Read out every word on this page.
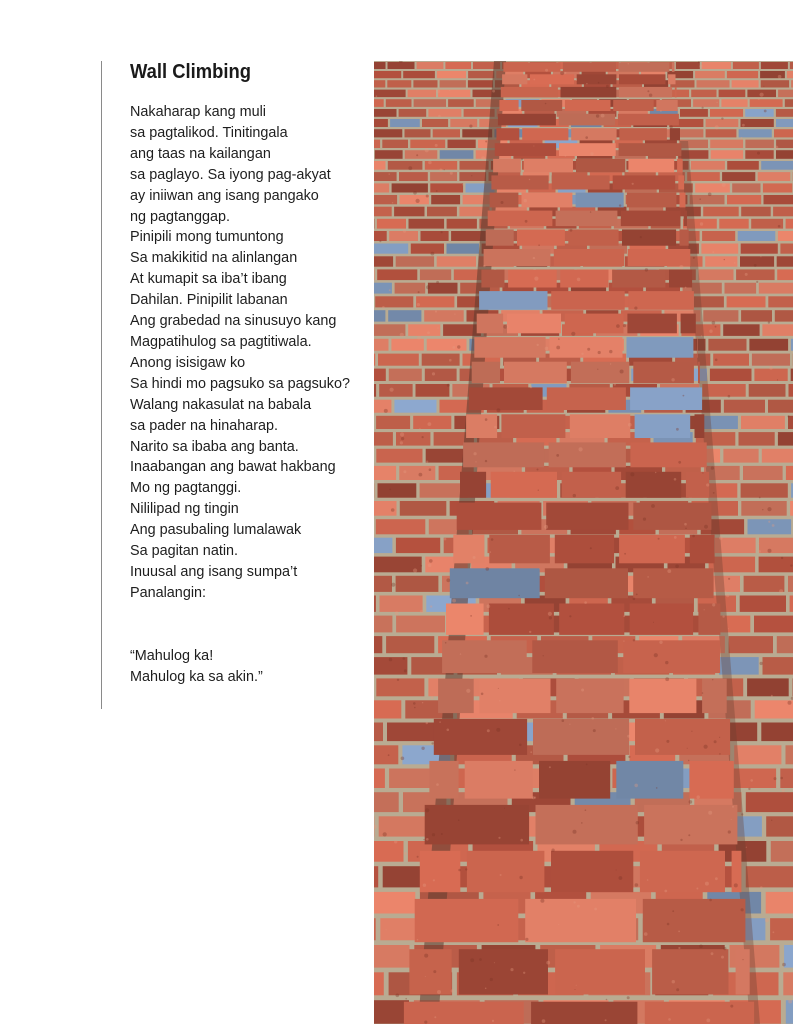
Wall Climbing
Nakaharap kang muli
sa pagtalikod. Tinitingala
ang taas na kailangan
sa paglayo. Sa iyong pag-akyat
ay iniiwan ang isang pangako
ng pagtanggap.
Pinipili mong tumuntong
Sa makikitid na alinlangan
At kumapit sa iba’t ibang
Dahilan. Pinipilit labanan
Ang grabedad na sinusuyo kang
Magpatihulog sa pagtitiwala.
Anong isisigaw ko
Sa hindi mo pagsuko sa pagsuko?
Walang nakasulat na babala
sa pader na hinaharap.
Narito sa ibaba ang banta.
Inaabangan ang bawat hakbang
Mo ng pagtanggi.
Nililipad ng tingin
Ang pasubaling lumalawak
Sa pagitan natin.
Inuusal ang isang sumpa’t
Panalangin:
“Mahulog ka!
Mahulog ka sa akin.”
